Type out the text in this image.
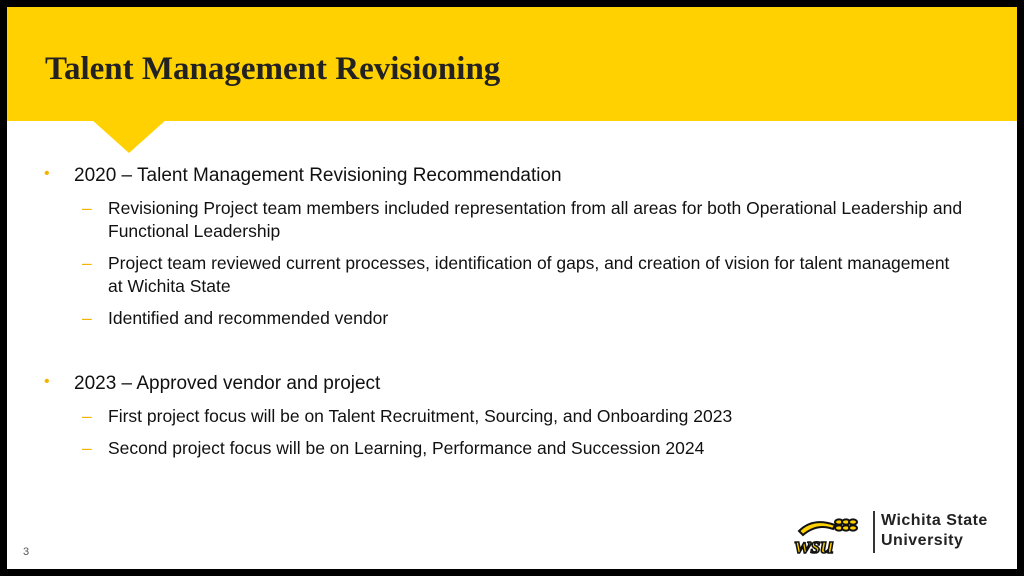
Talent Management Revisioning
• 2020 – Talent Management Revisioning Recommendation
– Revisioning Project team members included representation from all areas for both Operational Leadership and Functional Leadership
– Project team reviewed current processes, identification of gaps, and creation of vision for talent management at Wichita State
– Identified and recommended vendor
• 2023 – Approved vendor and project
– First project focus will be on Talent Recruitment, Sourcing, and Onboarding 2023
– Second project focus will be on Learning, Performance and Succession 2024
3	wsu
Wichita State
University
